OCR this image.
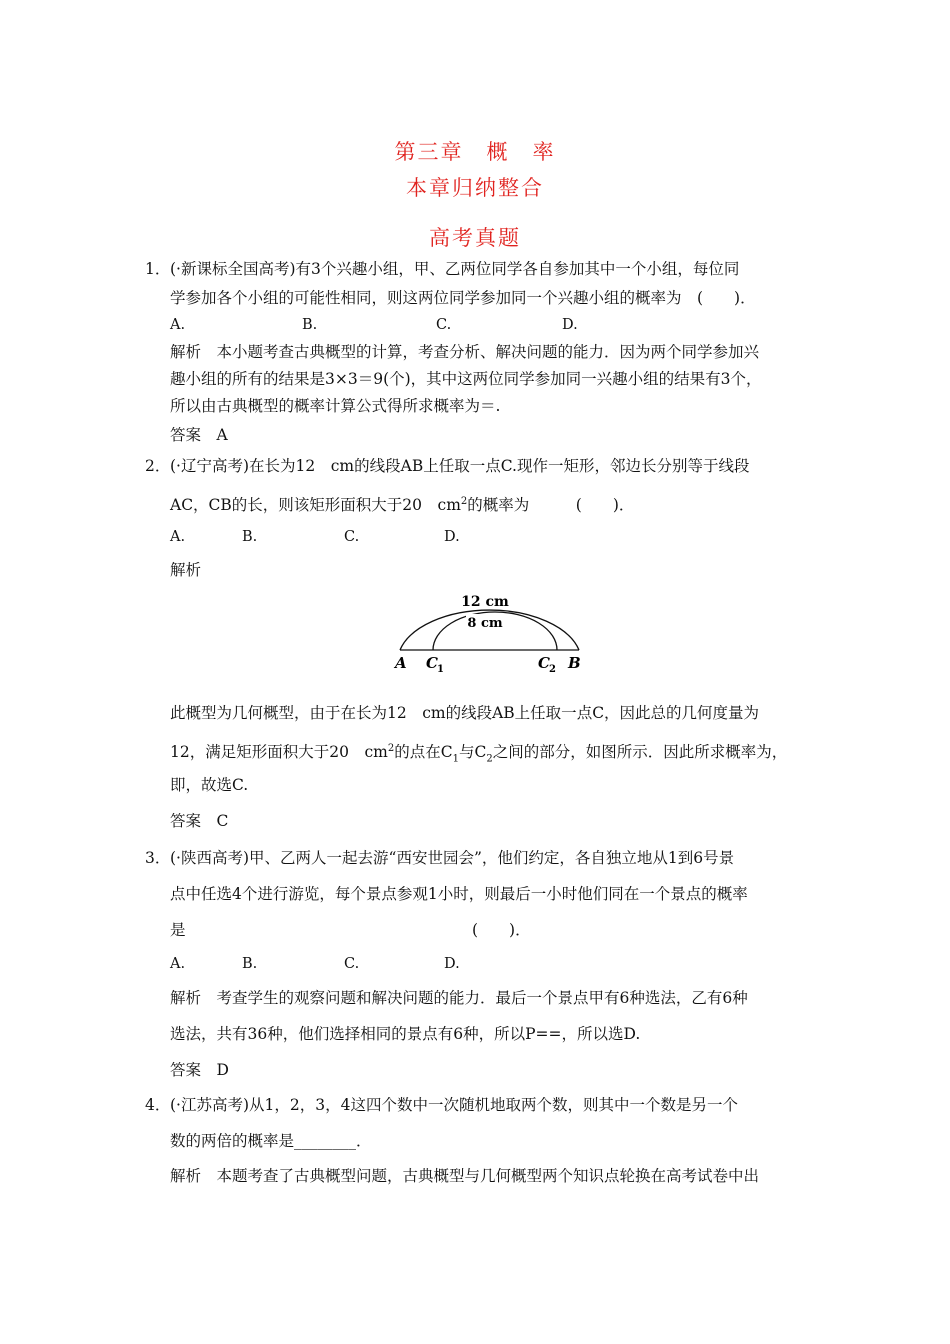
第三章　概　率
本章归纳整合
高考真题
1． (·新课标全国高考)有3个兴趣小组，甲、乙两位同学各自参加其中一个小组，每位同
学参加各个小组的可能性相同，则这两位同学参加同一个兴趣小组的概率为　(　　)．
A.	B.	C.	D.
解析　本小题考查古典概型的计算，考查分析、解决问题的能力．因为两个同学参加兴
趣小组的所有的结果是3×3＝9(个)，其中这两位同学参加同一兴趣小组的结果有3个，
所以由古典概型的概率计算公式得所求概率为＝.
答案　A
2． (·辽宁高考)在长为12　cm的线段AB上任取一点C.现作一矩形，邻边长分别等于线段
AC，CB的长，则该矩形面积大于20　$cm^2$的概率为　　　(　　)．
A.	B.	C.	D.
解析
12 cm
8 cm
A C 1	C 2 B
此概型为几何概型，由于在长为12　cm的线段AB上任取一点C，因此总的几何度量为
12，满足矩形面积大于20　$cm^2$的点在$C_1$与$C_2$之间的部分，如图所示．因此所求概率为，
即，故选C.
答案　C
3． (·陕西高考)甲、乙两人一起去游“西安世园会”，他们约定，各自独立地从1到6号景
点中任选4个进行游览，每个景点参观1小时，则最后一小时他们同在一个景点的概率
是	(　　)．
A.	B.	C.	D.
解析　考查学生的观察问题和解决问题的能力．最后一个景点甲有6种选法，乙有6种
选法，共有36种，他们选择相同的景点有6种，所以P==，所以选D.
答案　D
4． (·江苏高考)从1，2，3，4这四个数中一次随机地取两个数，则其中一个数是另一个
数的两倍的概率是________．
解析　本题考查了古典概型问题，古典概型与几何概型两个知识点轮换在高考试卷中出
